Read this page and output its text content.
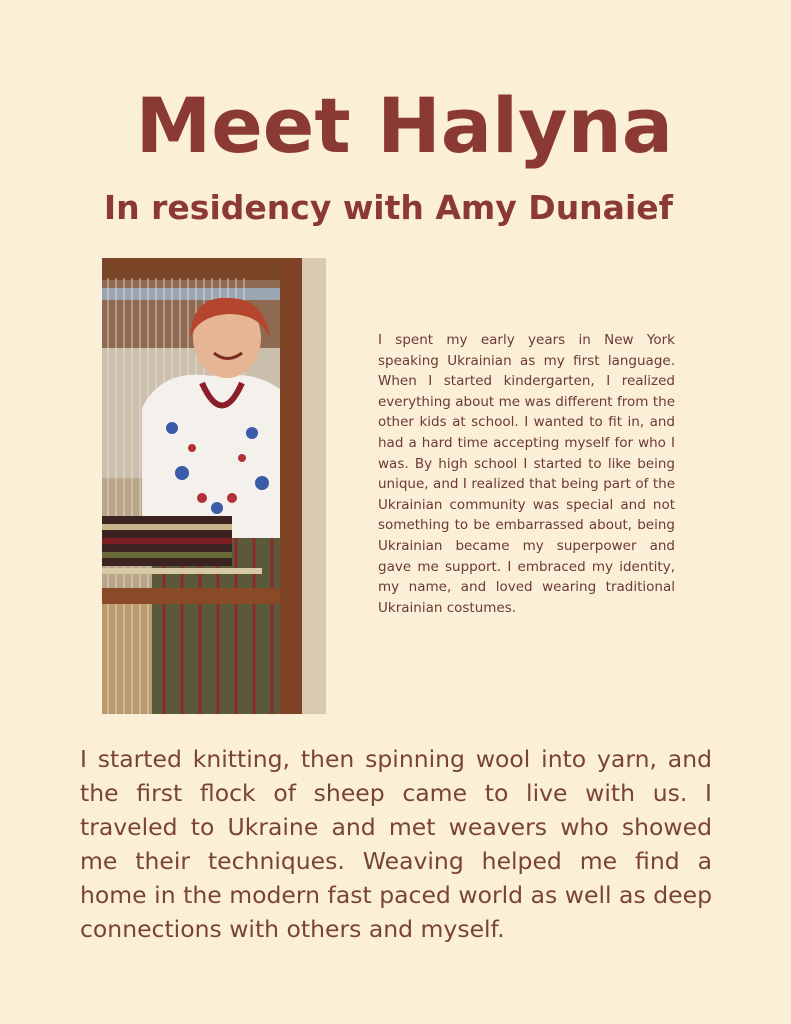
Meet Halyna
In residency with Amy Dunaief

I spent my early years in New York speaking Ukrainian as my first language. When I started kindergarten, I realized everything about me was different from the other kids at school. I wanted to fit in, and had a hard time accepting myself for who I was. By high school I started to like being unique, and I realized that being part of the Ukrainian community was special and not something to be embarrassed about, being Ukrainian became my superpower and gave me support. I embraced my identity, my name, and loved wearing traditional Ukrainian costumes.

I started knitting, then spinning wool into yarn, and the first flock of sheep came to live with us. I traveled to Ukraine and met weavers who showed me their techniques. Weaving helped me find a home in the modern fast paced world as well as deep connections with others and myself.
